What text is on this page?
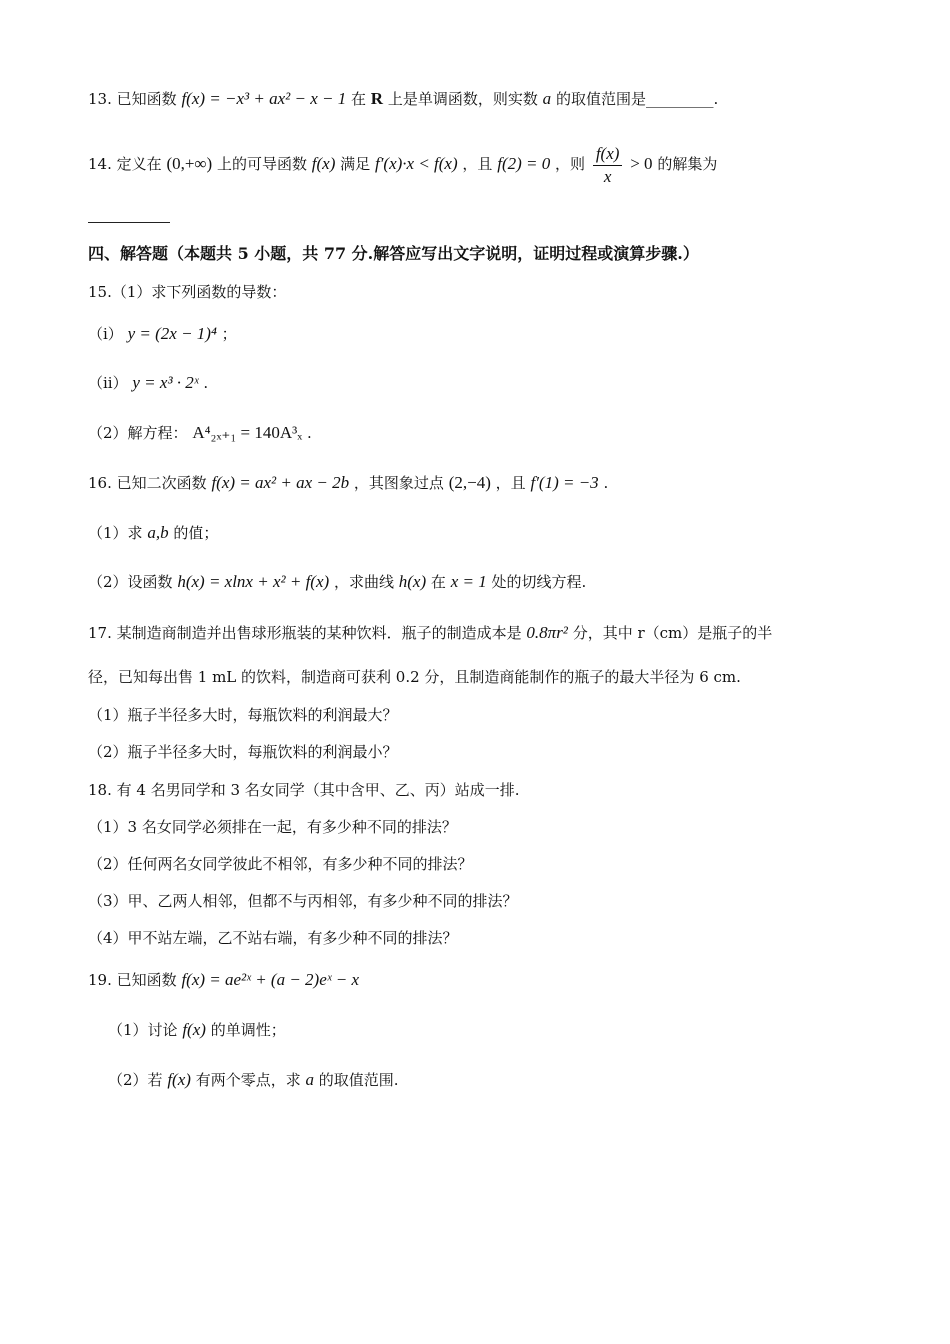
13. 已知函数 f(x) = −x³ + ax² − x − 1 在 R 上是单调函数，则实数 a 的取值范围是_________.
14. 定义在 (0,+∞) 上的可导函数 f(x) 满足 f′(x)·x < f(x) ，且 f(2) = 0 ，则 $\frac{f(x)}{x} > 0$ 的解集为
四、解答题（本题共 5 小题，共 77 分.解答应写出文字说明，证明过程或演算步骤.）
15.（1）求下列函数的导数：
（i） y = (2x − 1)⁴ ；
（ii） y = x³ · 2ˣ .
（2）解方程： A⁴₂ₓ₊₁ = 140A³ₓ .
16. 已知二次函数 f(x) = ax² + ax − 2b ，其图象过点 (2,−4) ，且 f′(1) = −3 .
（1）求 a,b 的值；
（2）设函数 h(x) = xlnx + x² + f(x) ，求曲线 h(x) 在 x = 1 处的切线方程.
17. 某制造商制造并出售球形瓶装的某种饮料．瓶子的制造成本是 0.8πr² 分，其中 r（cm）是瓶子的半
径，已知每出售 1 mL 的饮料，制造商可获利 0.2 分，且制造商能制作的瓶子的最大半径为 6 cm.
（1）瓶子半径多大时，每瓶饮料的利润最大？
（2）瓶子半径多大时，每瓶饮料的利润最小？
18. 有 4 名男同学和 3 名女同学（其中含甲、乙、丙）站成一排.
（1）3 名女同学必须排在一起，有多少种不同的排法？
（2）任何两名女同学彼此不相邻，有多少种不同的排法？
（3）甲、乙两人相邻，但都不与丙相邻，有多少种不同的排法？
（4）甲不站左端，乙不站右端，有多少种不同的排法？
19. 已知函数 f(x) = ae²ˣ + (a − 2)eˣ − x
（1）讨论 f(x) 的单调性；
（2）若 f(x) 有两个零点，求 a 的取值范围.
